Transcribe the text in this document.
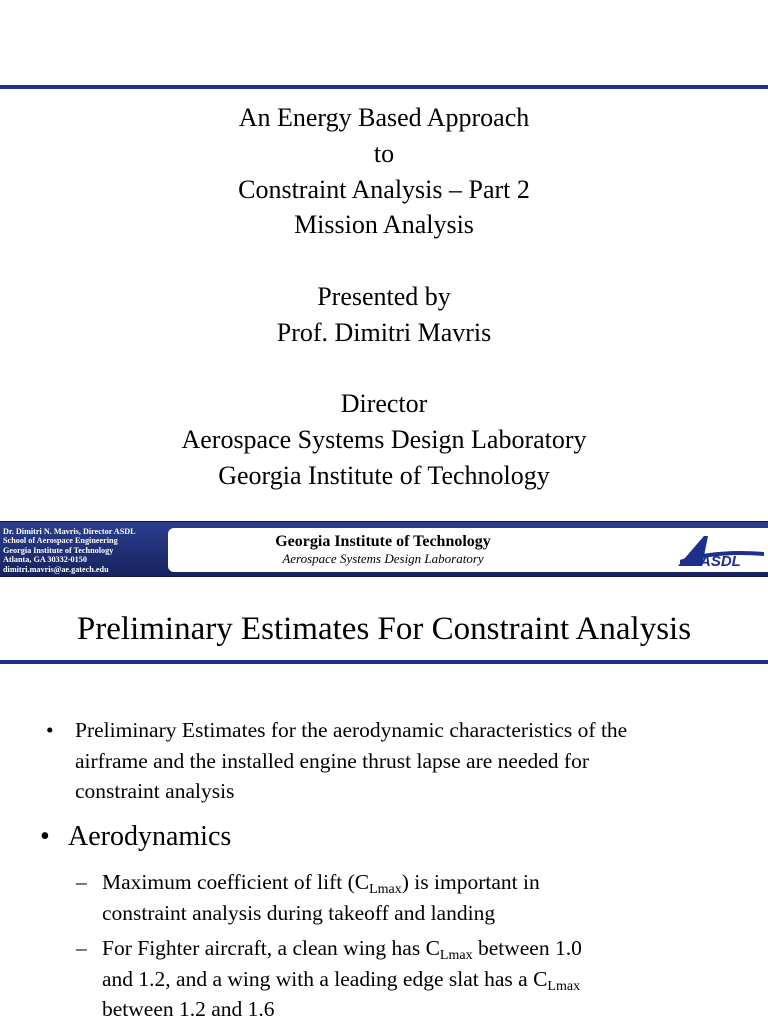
An Energy Based Approach
to
Constraint Analysis – Part 2
Mission Analysis
Presented by
Prof. Dimitri Mavris
Director
Aerospace Systems Design Laboratory
Georgia Institute of Technology
Dr. Dimitri N. Mavris, Director ASDL
School of Aerospace Engineering
Georgia Institute of Technology
Atlanta, GA 30332-0150
dimitri.mavris@ae.gatech.edu
Georgia Institute of Technology
Aerospace Systems Design Laboratory	ASDL
Preliminary Estimates For Constraint Analysis
• Preliminary Estimates for the aerodynamic characteristics of the
airframe and the installed engine thrust lapse are needed for
constraint analysis
• Aerodynamics
– Maximum coefficient of lift $(C_{Lmax})$ is important in
constraint analysis during takeoff and landing
– For Fighter aircraft, a clean wing has $C_{Lmax}$ between 1.0
and 1.2, and a wing with a leading edge slat has a $C_{Lmax}$
between 1.2 and 1.6
